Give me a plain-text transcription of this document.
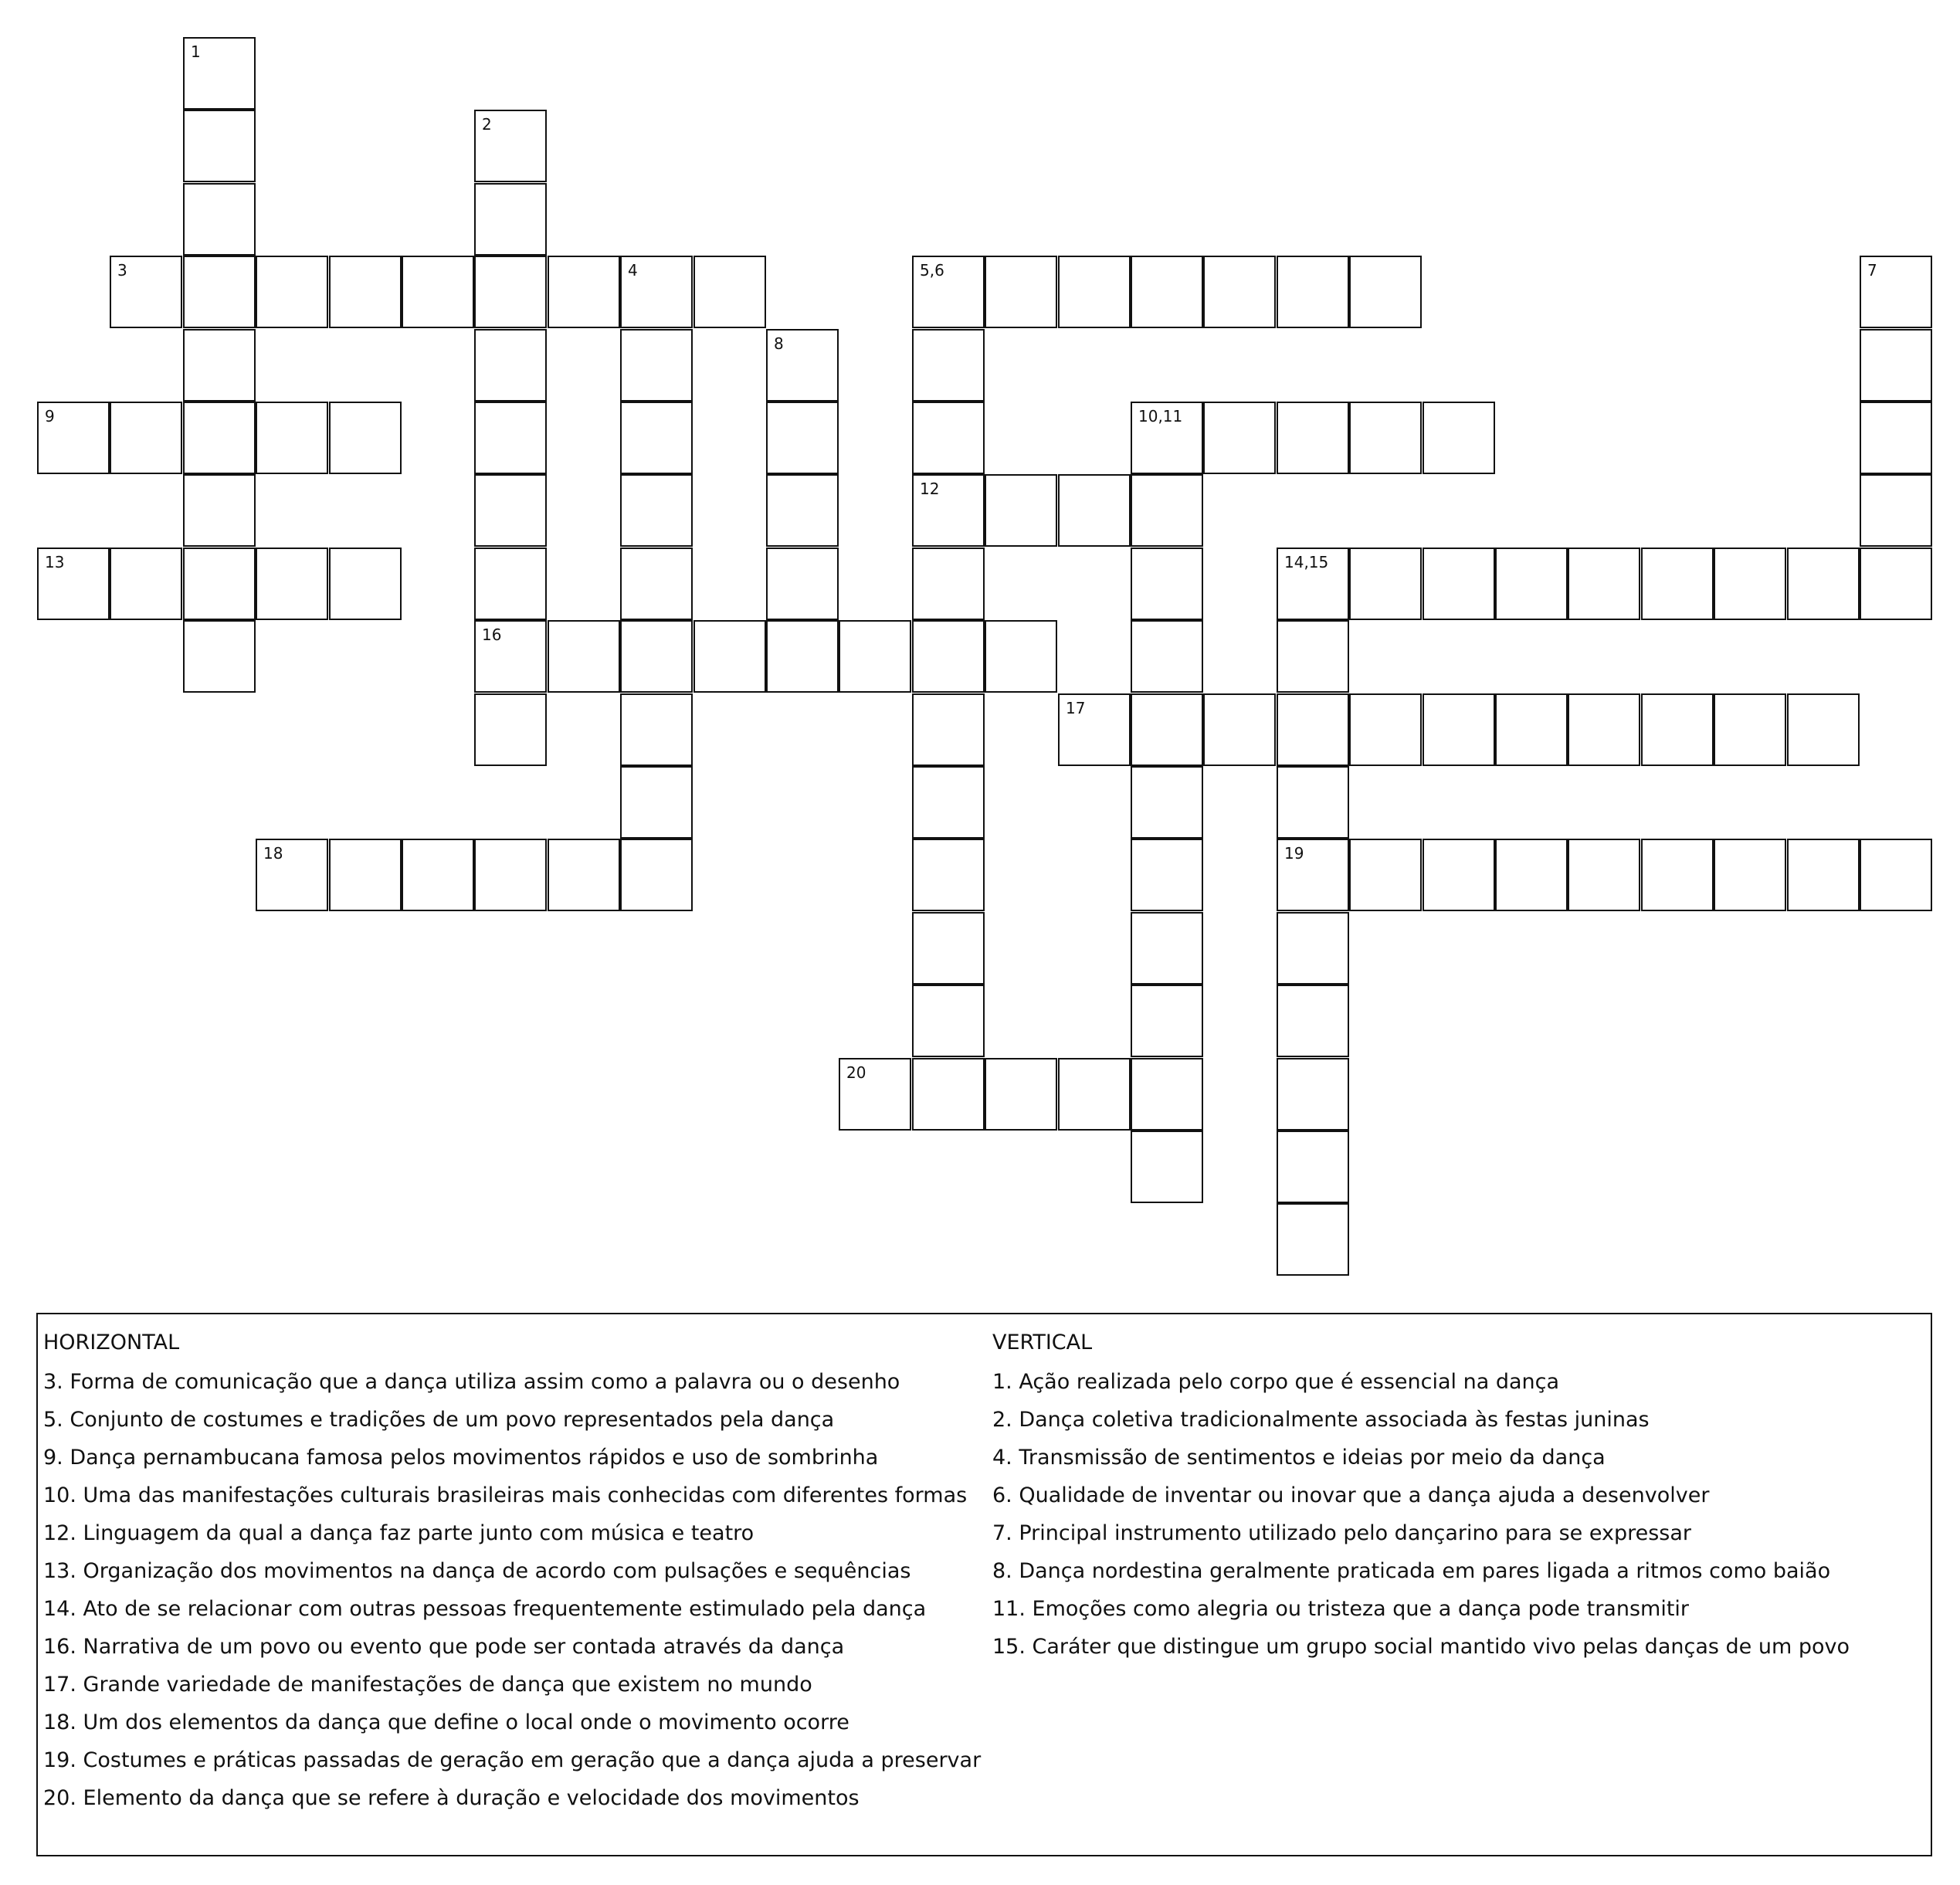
1
2
3	4	5,6	7
8
9	10,11
12
13	14,15
16
17
18	19
20
HORIZONTAL
3. Forma de comunicação que a dança utiliza assim como a palavra ou o desenho
5. Conjunto de costumes e tradições de um povo representados pela dança
9. Dança pernambucana famosa pelos movimentos rápidos e uso de sombrinha
10. Uma das manifestações culturais brasileiras mais conhecidas com diferentes formas
12. Linguagem da qual a dança faz parte junto com música e teatro
13. Organização dos movimentos na dança de acordo com pulsações e sequências
14. Ato de se relacionar com outras pessoas frequentemente estimulado pela dança
16. Narrativa de um povo ou evento que pode ser contada através da dança
17. Grande variedade de manifestações de dança que existem no mundo
18. Um dos elementos da dança que define o local onde o movimento ocorre
19. Costumes e práticas passadas de geração em geração que a dança ajuda a preservar
20. Elemento da dança que se refere à duração e velocidade dos movimentos
VERTICAL
1. Ação realizada pelo corpo que é essencial na dança
2. Dança coletiva tradicionalmente associada às festas juninas
4. Transmissão de sentimentos e ideias por meio da dança
6. Qualidade de inventar ou inovar que a dança ajuda a desenvolver
7. Principal instrumento utilizado pelo dançarino para se expressar
8. Dança nordestina geralmente praticada em pares ligada a ritmos como baião
11. Emoções como alegria ou tristeza que a dança pode transmitir
15. Caráter que distingue um grupo social mantido vivo pelas danças de um povo
